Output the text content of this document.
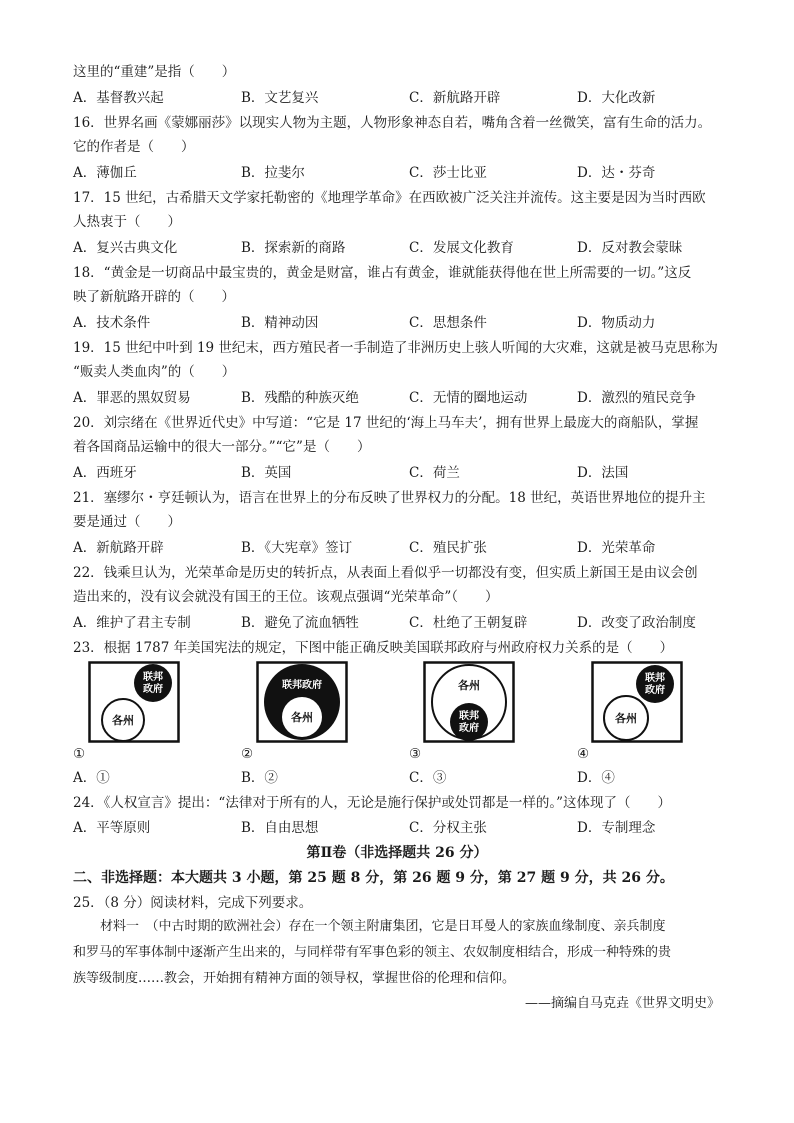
这里的“重建”是指（　　）
A．基督教兴起	B．文艺复兴	C．新航路开辟	D．大化改新
16．世界名画《蒙娜丽莎》以现实人物为主题，人物形象神态自若，嘴角含着一丝微笑，富有生命的活力。
它的作者是（　　）
A．薄伽丘	B．拉斐尔	C．莎士比亚	D．达・芬奇
17．15 世纪，古希腊天文学家托勒密的《地理学革命》在西欧被广泛关注并流传。这主要是因为当时西欧
人热衷于（　　）
A．复兴古典文化	B．探索新的商路	C．发展文化教育	D．反对教会蒙昧
18．“黄金是一切商品中最宝贵的，黄金是财富，谁占有黄金，谁就能获得他在世上所需要的一切。”这反
映了新航路开辟的（　　）
A．技术条件	B．精神动因	C．思想条件	D．物质动力
19．15 世纪中叶到 19 世纪末，西方殖民者一手制造了非洲历史上骇人听闻的大灾难，这就是被马克思称为
“贩卖人类血肉”的（　　）
A．罪恶的黑奴贸易	B．残酷的种族灭绝	C．无情的圈地运动	D．激烈的殖民竞争
20．刘宗绪在《世界近代史》中写道：“它是 17 世纪的‘海上马车夫’，拥有世界上最庞大的商船队，掌握
着各国商品运输中的很大一部分。”“它”是（　　）
A．西班牙	B．英国	C．荷兰	D．法国
21．塞缪尔・亨廷顿认为，语言在世界上的分布反映了世界权力的分配。18 世纪，英语世界地位的提升主
要是通过（　　）
A．新航路开辟	B．《大宪章》签订	C．殖民扩张	D．光荣革命
22．钱乘旦认为，光荣革命是历史的转折点，从表面上看似乎一切都没有变，但实质上新国王是由议会创
造出来的，没有议会就没有国王的王位。该观点强调“光荣革命”（　　）
A．维护了君主专制	B．避免了流血牺牲	C．杜绝了王朝复辟	D．改变了政治制度
23．根据 1787 年美国宪法的规定，下图中能正确反映美国联邦政府与州政府权力关系的是（　　）
各州
联邦
政府	联邦政府
各州
各州
联邦
政府
联邦
政府
各州
①	②	③	④
A．①	B．②	C．③	D．④
24．《人权宣言》提出：“法律对于所有的人，无论是施行保护或处罚都是一样的。”这体现了（　　）
A．平等原则	B．自由思想	C．分权主张	D．专制理念
第Ⅱ卷（非选择题共 26 分）
二、非选择题：本大题共 3 小题，第 25 题 8 分，第 26 题 9 分，第 27 题 9 分，共 26 分。
25．（8 分）阅读材料，完成下列要求。
材料一　（中古时期的欧洲社会）存在一个领主附庸集团，它是日耳曼人的家族血缘制度、亲兵制度
和罗马的军事体制中逐渐产生出来的，与同样带有军事色彩的领主、农奴制度相结合，形成一种特殊的贵
族等级制度……教会，开始拥有精神方面的领导权，掌握世俗的伦理和信仰。
——摘编自马克垚《世界文明史》
